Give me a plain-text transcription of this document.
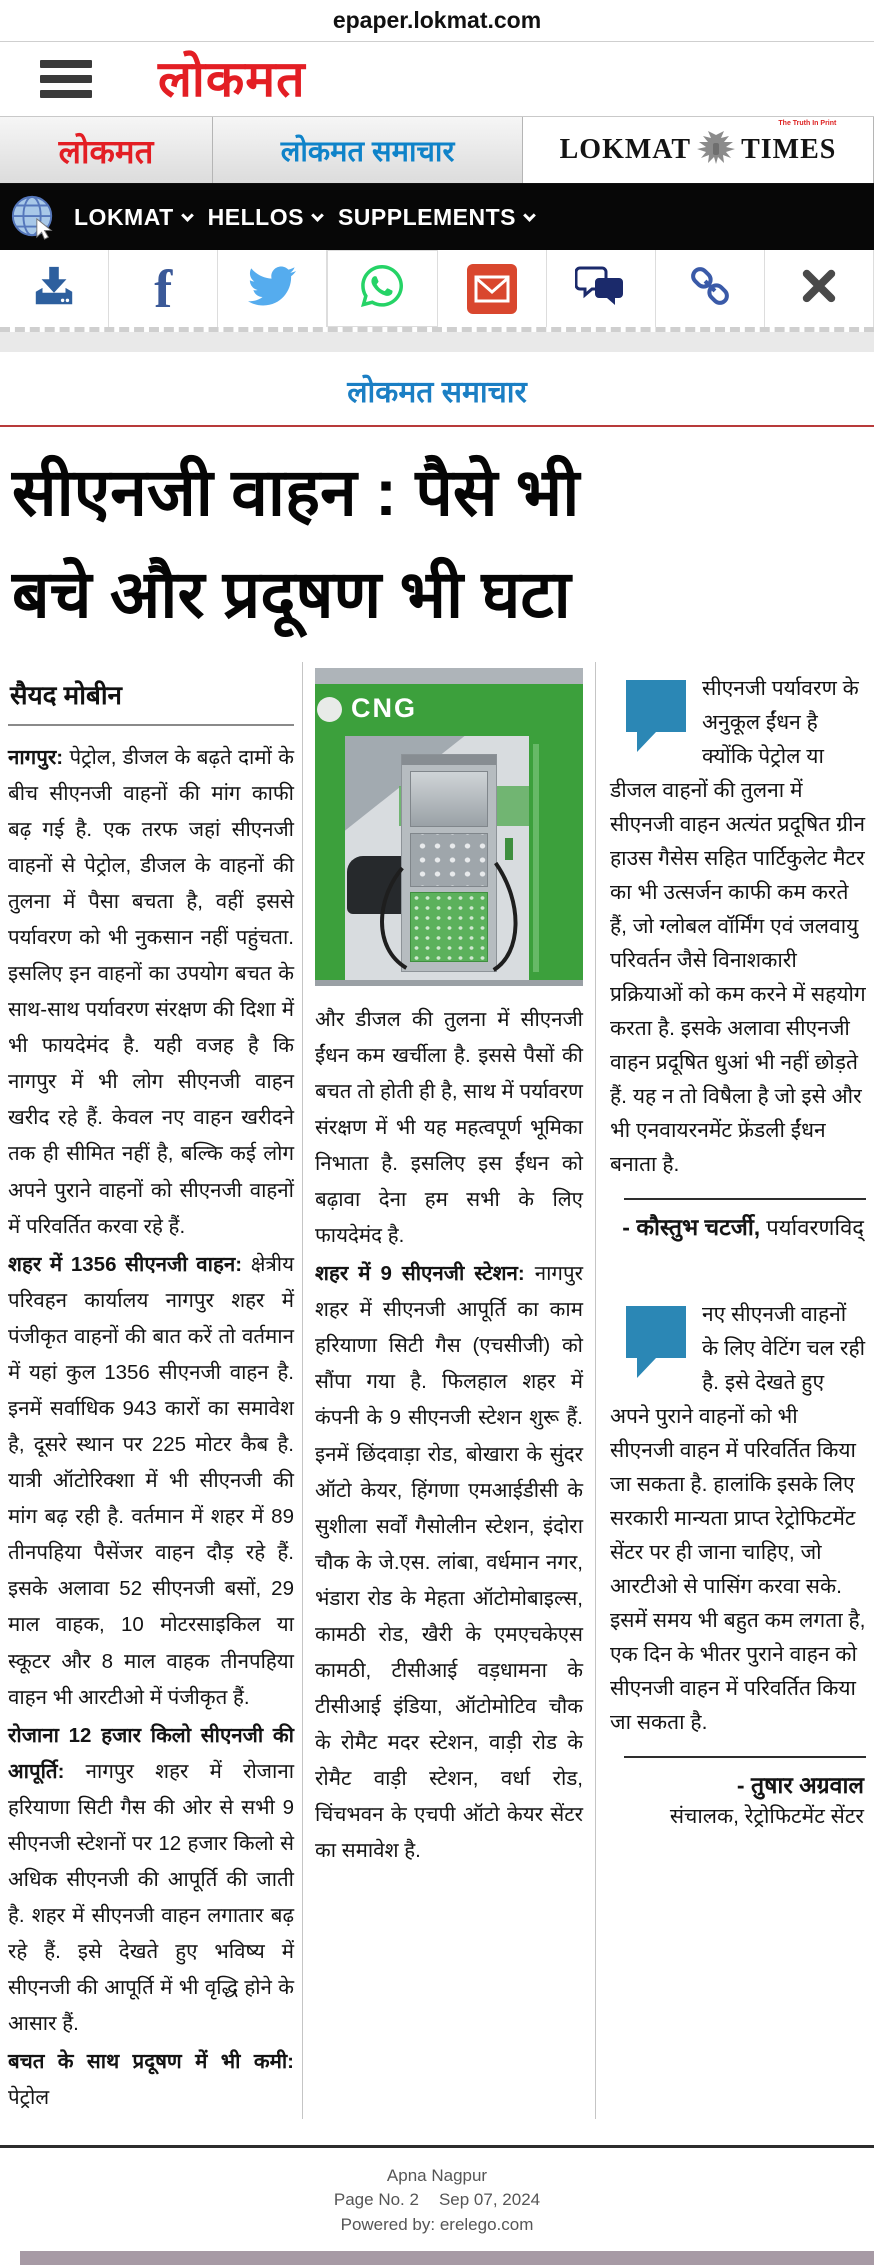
epaper.lokmat.com
लोकमत
लोकमत	लोकमत समाचार
The Truth In Print
LOKMAT TIMES
LOKMAT HELLOS SUPPLEMENTS
f
लोकमत समाचार
सीएनजी वाहन : पैसे भी
बचे और प्रदूषण भी घटा
सैयद मोबीन

नागपुर: पेट्रोल, डीजल के बढ़ते दामों के बीच सीएनजी वाहनों की मांग काफी बढ़ गई है. एक तरफ जहां सीएनजी वाहनों से पेट्रोल, डीजल के वाहनों की तुलना में पैसा बचता है, वहीं इससे पर्यावरण को भी नुकसान नहीं पहुंचता. इसलिए इन वाहनों का उपयोग बचत के साथ-साथ पर्यावरण संरक्षण की दिशा में भी फायदेमंद है. यही वजह है कि नागपुर में भी लोग सीएनजी वाहन खरीद रहे हैं. केवल नए वाहन खरीदने तक ही सीमित नहीं है, बल्कि कई लोग अपने पुराने वाहनों को सीएनजी वाहनों में परिवर्तित करवा रहे हैं.

शहर में 1356 सीएनजी वाहन: क्षेत्रीय परिवहन कार्यालय नागपुर शहर में पंजीकृत वाहनों की बात करें तो वर्तमान में यहां कुल 1356 सीएनजी वाहन है. इनमें सर्वाधिक 943 कारों का समावेश है, दूसरे स्थान पर 225 मोटर कैब है. यात्री ऑटोरिक्शा में भी सीएनजी की मांग बढ़ रही है. वर्तमान में शहर में 89 तीनपहिया पैसेंजर वाहन दौड़ रहे हैं. इसके अलावा 52 सीएनजी बसों, 29 माल वाहक, 10 मोटरसाइकिल या स्कूटर और 8 माल वाहक तीनपहिया वाहन भी आरटीओ में पंजीकृत हैं.

रोजाना 12 हजार किलो सीएनजी की आपूर्ति: नागपुर शहर में रोजाना हरियाणा सिटी गैस की ओर से सभी 9 सीएनजी स्टेशनों पर 12 हजार किलो से अधिक सीएनजी की आपूर्ति की जाती है. शहर में सीएनजी वाहन लगातार बढ़ रहे हैं. इसे देखते हुए भविष्य में सीएनजी की आपूर्ति में भी वृद्धि होने के आसार हैं.

बचत के साथ प्रदूषण में भी कमी: पेट्रोल

CNG

और डीजल की तुलना में सीएनजी ईंधन कम खर्चीला है. इससे पैसों की बचत तो होती ही है, साथ में पर्यावरण संरक्षण में भी यह महत्वपूर्ण भूमिका निभाता है. इसलिए इस ईंधन को बढ़ावा देना हम सभी के लिए फायदेमंद है.

शहर में 9 सीएनजी स्टेशन: नागपुर शहर में सीएनजी आपूर्ति का काम हरियाणा सिटी गैस (एचसीजी) को सौंपा गया है. फिलहाल शहर में कंपनी के 9 सीएनजी स्टेशन शुरू हैं. इनमें छिंदवाड़ा रोड, बोखारा के सुंदर ऑटो केयर, हिंगणा एमआईडीसी के सुशीला सर्वों गैसोलीन स्टेशन, इंदोरा चौक के जे.एस. लांबा, वर्धमान नगर, भंडारा रोड के मेहता ऑटोमोबाइल्स, कामठी रोड, खैरी के एमएचकेएस कामठी, टीसीआई वड़धामना के टीसीआई इंडिया, ऑटोमोटिव चौक के रोमैट मदर स्टेशन, वाड़ी रोड के रोमैट वाड़ी स्टेशन, वर्धा रोड, चिंचभवन के एचपी ऑटो केयर सेंटर का समावेश है.

सीएनजी पर्यावरण के अनुकूल ईंधन है क्योंकि पेट्रोल या डीजल वाहनों की तुलना में सीएनजी वाहन अत्यंत प्रदूषित ग्रीन हाउस गैसेस सहित पार्टिकुलेट मैटर का भी उत्सर्जन काफी कम करते हैं, जो ग्लोबल वॉर्मिंग एवं जलवायु परिवर्तन जैसे विनाशकारी प्रक्रियाओं को कम करने में सहयोग करता है. इसके अलावा सीएनजी वाहन प्रदूषित धुआं भी नहीं छोड़ते हैं. यह न तो विषैला है जो इसे और भी एनवायरनमेंट फ्रेंडली ईंधन बनाता है.
- कौस्तुभ चटर्जी, पर्यावरणविद्
नए सीएनजी वाहनों के लिए वेटिंग चल रही है. इसे देखते हुए अपने पुराने वाहनों को भी सीएनजी वाहन में परिवर्तित किया जा सकता है. हालांकि इसके लिए सरकारी मान्यता प्राप्त रेट्रोफिटमेंट सेंटर पर ही जाना चाहिए, जो आरटीओ से पासिंग करवा सके. इसमें समय भी बहुत कम लगता है, एक दिन के भीतर पुराने वाहन को सीएनजी वाहन में परिवर्तित किया जा सकता है.
- तुषार अग्रवाल
संचालक, रेट्रोफिटमेंट सेंटर
Apna Nagpur
Page No. 2 Sep 07, 2024
Powered by: erelego.com
